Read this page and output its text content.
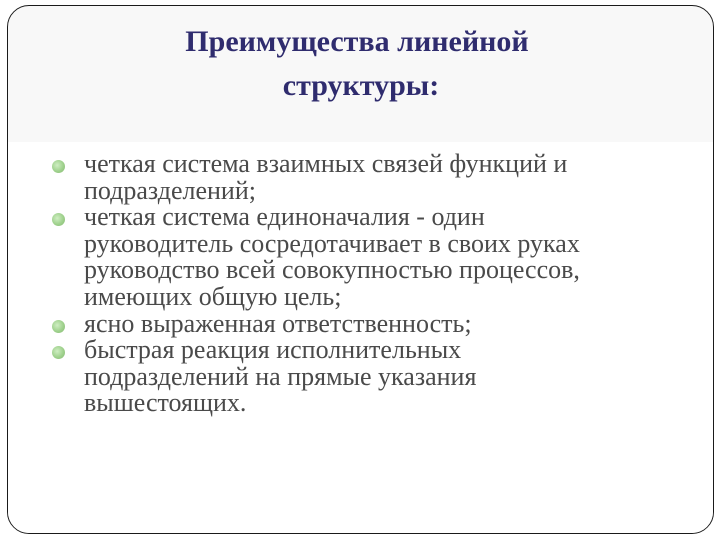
Преимущества линейной
структуры:
четкая система взаимных связей функций и
подразделений;
четкая система единоначалия - один
руководитель сосредотачивает в своих руках
руководство всей совокупностью процессов,
имеющих общую цель;
ясно выраженная ответственность;
быстрая реакция исполнительных
подразделений на прямые указания
вышестоящих.
